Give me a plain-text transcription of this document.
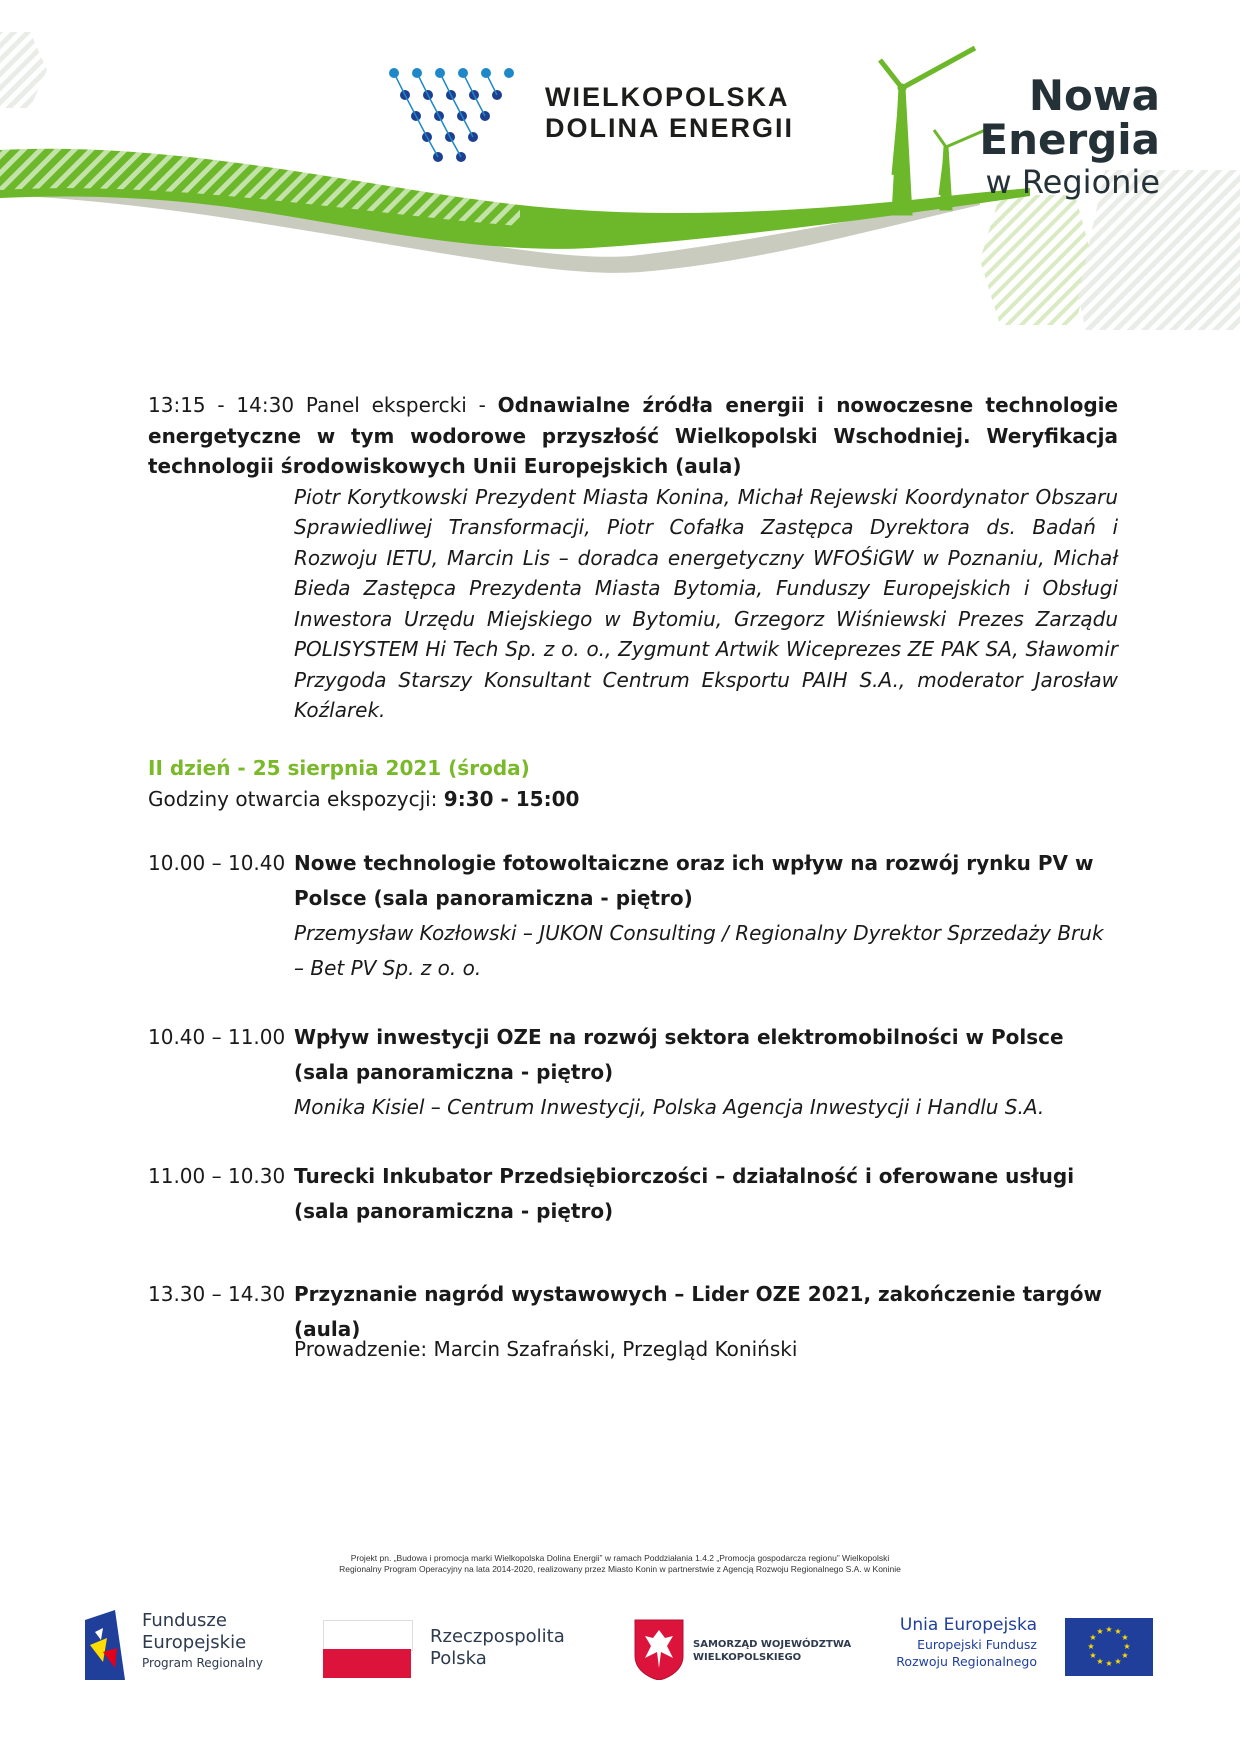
WIELKOPOLSKA
DOLINA ENERGII
Nowa
Energia
w Regionie
13:15 - 14:30 Panel ekspercki - Odnawialne źródła energii i nowoczesne technologie energetyczne w tym wodorowe przyszłość Wielkopolski Wschodniej. Weryfikacja technologii środowiskowych Unii Europejskich (aula)
Piotr Korytkowski Prezydent Miasta Konina, Michał Rejewski Koordynator Obszaru Sprawiedliwej Transformacji, Piotr Cofałka Zastępca Dyrektora ds. Badań i Rozwoju IETU, Marcin Lis – doradca energetyczny WFOŚiGW w Poznaniu, Michał Bieda Zastępca Prezydenta Miasta Bytomia, Funduszy Europejskich i Obsługi Inwestora Urzędu Miejskiego w Bytomiu, Grzegorz Wiśniewski Prezes Zarządu POLISYSTEM Hi Tech Sp. z o. o., Zygmunt Artwik Wiceprezes ZE PAK SA, Sławomir Przygoda Starszy Konsultant Centrum Eksportu PAIH S.A., moderator Jarosław Koźlarek.
II dzień - 25 sierpnia 2021 (środa)
Godziny otwarcia ekspozycji: 9:30 - 15:00
10.00 – 10.40 Nowe technologie fotowoltaiczne oraz ich wpływ na rozwój rynku PV w Polsce (sala panoramiczna - piętro)
Przemysław Kozłowski – JUKON Consulting / Regionalny Dyrektor Sprzedaży Bruk – Bet PV Sp. z o. o.
10.40 – 11.00 Wpływ inwestycji OZE na rozwój sektora elektromobilności w Polsce (sala panoramiczna - piętro)
Monika Kisiel – Centrum Inwestycji, Polska Agencja Inwestycji i Handlu S.A.
11.00 – 10.30 Turecki Inkubator Przedsiębiorczości – działalność i oferowane usługi (sala panoramiczna - piętro)
13.30 – 14.30 Przyznanie nagród wystawowych – Lider OZE 2021, zakończenie targów (aula)
Prowadzenie: Marcin Szafrański, Przegląd Koniński
Projekt pn. „Budowa i promocja marki Wielkopolska Dolina Energii” w ramach Poddziałania 1.4.2 „Promocja gospodarcza regionu” Wielkopolski
Regionalny Program Operacyjny na lata 2014-2020, realizowany przez Miasto Konin w partnerstwie z Agencją Rozwoju Regionalnego S.A. w Koninie
Fundusze
Europejskie
Program Regionalny
Rzeczpospolita
Polska
SAMORZĄD WOJEWÓDZTWA
WIELKOPOLSKIEGO
Unia Europejska
Europejski Fundusz
Rozwoju Regionalnego
★ ★
★
★
★
★
★
★
★
★
★
★
